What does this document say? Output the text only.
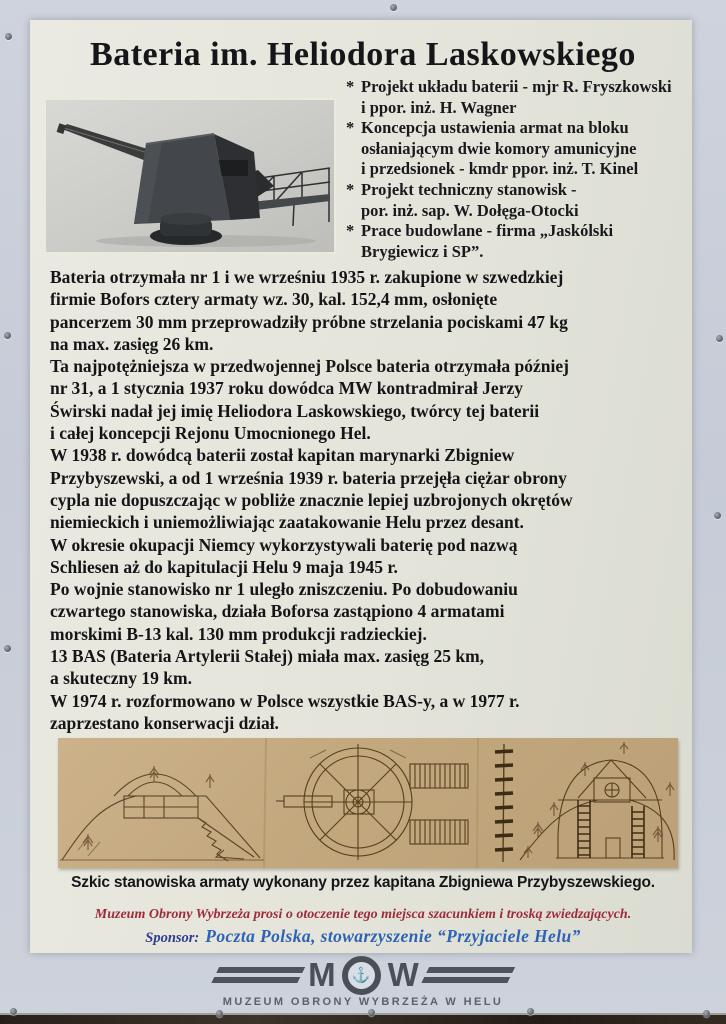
Bateria im. Heliodora Laskowskiego
* Projekt układu baterii - mjr R. Fryszkowski
i ppor. inż. H. Wagner
* Koncepcja ustawienia armat na bloku
osłaniającym dwie komory amunicyjne
i przedsionek - kmdr ppor. inż. T. Kinel
* Projekt techniczny stanowisk -
por. inż. sap. W. Dołęga-Otocki
* Prace budowlane - firma „Jaskólski
Brygiewicz i SP”.
Bateria otrzymała nr 1 i we wrześniu 1935 r. zakupione w szwedzkiej
firmie Bofors cztery armaty wz. 30, kal. 152,4 mm, osłonięte
pancerzem 30 mm przeprowadziły próbne strzelania pociskami 47 kg
na max. zasięg 26 km.
Ta najpotężniejsza w przedwojennej Polsce bateria otrzymała później
nr 31, a 1 stycznia 1937 roku dowódca MW kontradmirał Jerzy
Świrski nadał jej imię Heliodora Laskowskiego, twórcy tej baterii
i całej koncepcji Rejonu Umocnionego Hel.
W 1938 r. dowódcą baterii został kapitan marynarki Zbigniew
Przybyszewski, a od 1 września 1939 r. bateria przejęła ciężar obrony
cypla nie dopuszczając w pobliże znacznie lepiej uzbrojonych okrętów
niemieckich i uniemożliwiając zaatakowanie Helu przez desant.
W okresie okupacji Niemcy wykorzystywali baterię pod nazwą
Schliesen aż do kapitulacji Helu 9 maja 1945 r.
Po wojnie stanowisko nr 1 uległo zniszczeniu. Po dobudowaniu
czwartego stanowiska, działa Boforsa zastąpiono 4 armatami
morskimi B-13 kal. 130 mm produkcji radzieckiej.
13 BAS (Bateria Artylerii Stałej) miała max. zasięg 25 km,
a skuteczny 19 km.
W 1974 r. rozformowano w Polsce wszystkie BAS-y, a w 1977 r.
zaprzestano konserwacji dział.
Szkic stanowiska armaty wykonany przez kapitana Zbigniewa Przybyszewskiego.
Muzeum Obrony Wybrzeża prosi o otoczenie tego miejsca szacunkiem i troską zwiedzających.
Sponsor: Poczta Polska, stowarzyszenie “Przyjaciele Helu”
M ⚓ W
MUZEUM OBRONY WYBRZEŻA W HELU
